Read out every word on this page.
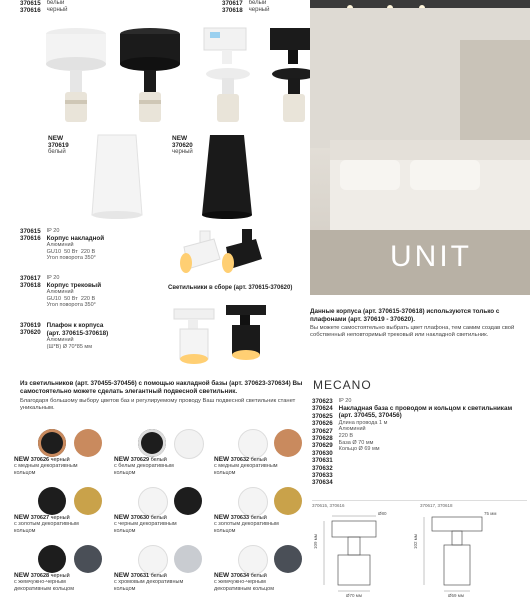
370615 белый
370616 черный
370617 белый
370618 черный
UNIT
NEW
370619
белый
NEW
370620
черный
370615
370616
IP 20
Корпус накладной
Алюминий
GU10 50 Вт 220 В
Угол поворота 350°
370617
370618
IP 20
Корпус трековый
Алюминий
GU10 50 Вт 220 В
Угол поворота 350°
370619
370620
Плафон к корпуса
(арт. 370615-370618)
Алюминий
(Ш*В) Ø 70*85 мм
Светильники в сборе (арт. 370615-370620)
Данные корпуса (арт. 370615-370618) используются только с плафонами (арт. 370619 - 370620).
Вы можете самостоятельно выбрать цвет плафона, тем самим создав свой собственный неповторимый трековый или накладной светильник.
Из светильников (арт. 370455-370456) с помощью накладной базы (арт. 370623-370634) Вы самостоятельно можете сделать элегантный подвесной светильник.
Благодаря большому выбору цветов баз и регулируемому проводу Ваш подвесной светильник станет уникальным.
MECANO
370623
370624
370625
370626
370627
370628
370629
370630
370631
370632
370633
370634
IP 20
Накладная база с проводом и кольцом к светильникам (арт. 370455, 370456)
Длина провода 1 м
Алюминий
220 В
База Ø 70 мм
Кольцо Ø 69 мм
NEW 370626 черный
с медным декоративным
кольцом
NEW 370629 белый
с белым декоративным
кольцом
NEW 370632 белый
с медным декоративным
кольцом
NEW 370627 черный
с золотым декоративным
кольцом
NEW 370630 белый
с черным декоративным
кольцом
NEW 370633 белый
с золотым декоративным
кольцом
NEW 370628 черный
с жемчужно-черным
декоративным кольцом
NEW 370631 белый
с хромовым декоративным
кольцом
NEW 370634 белый
с жемчужно-черным
декоративным кольцом
370615, 370616	370617, 370618
Ø80
109 мм
Ø70 мм
75 мм
102 мм
Ø59 мм
